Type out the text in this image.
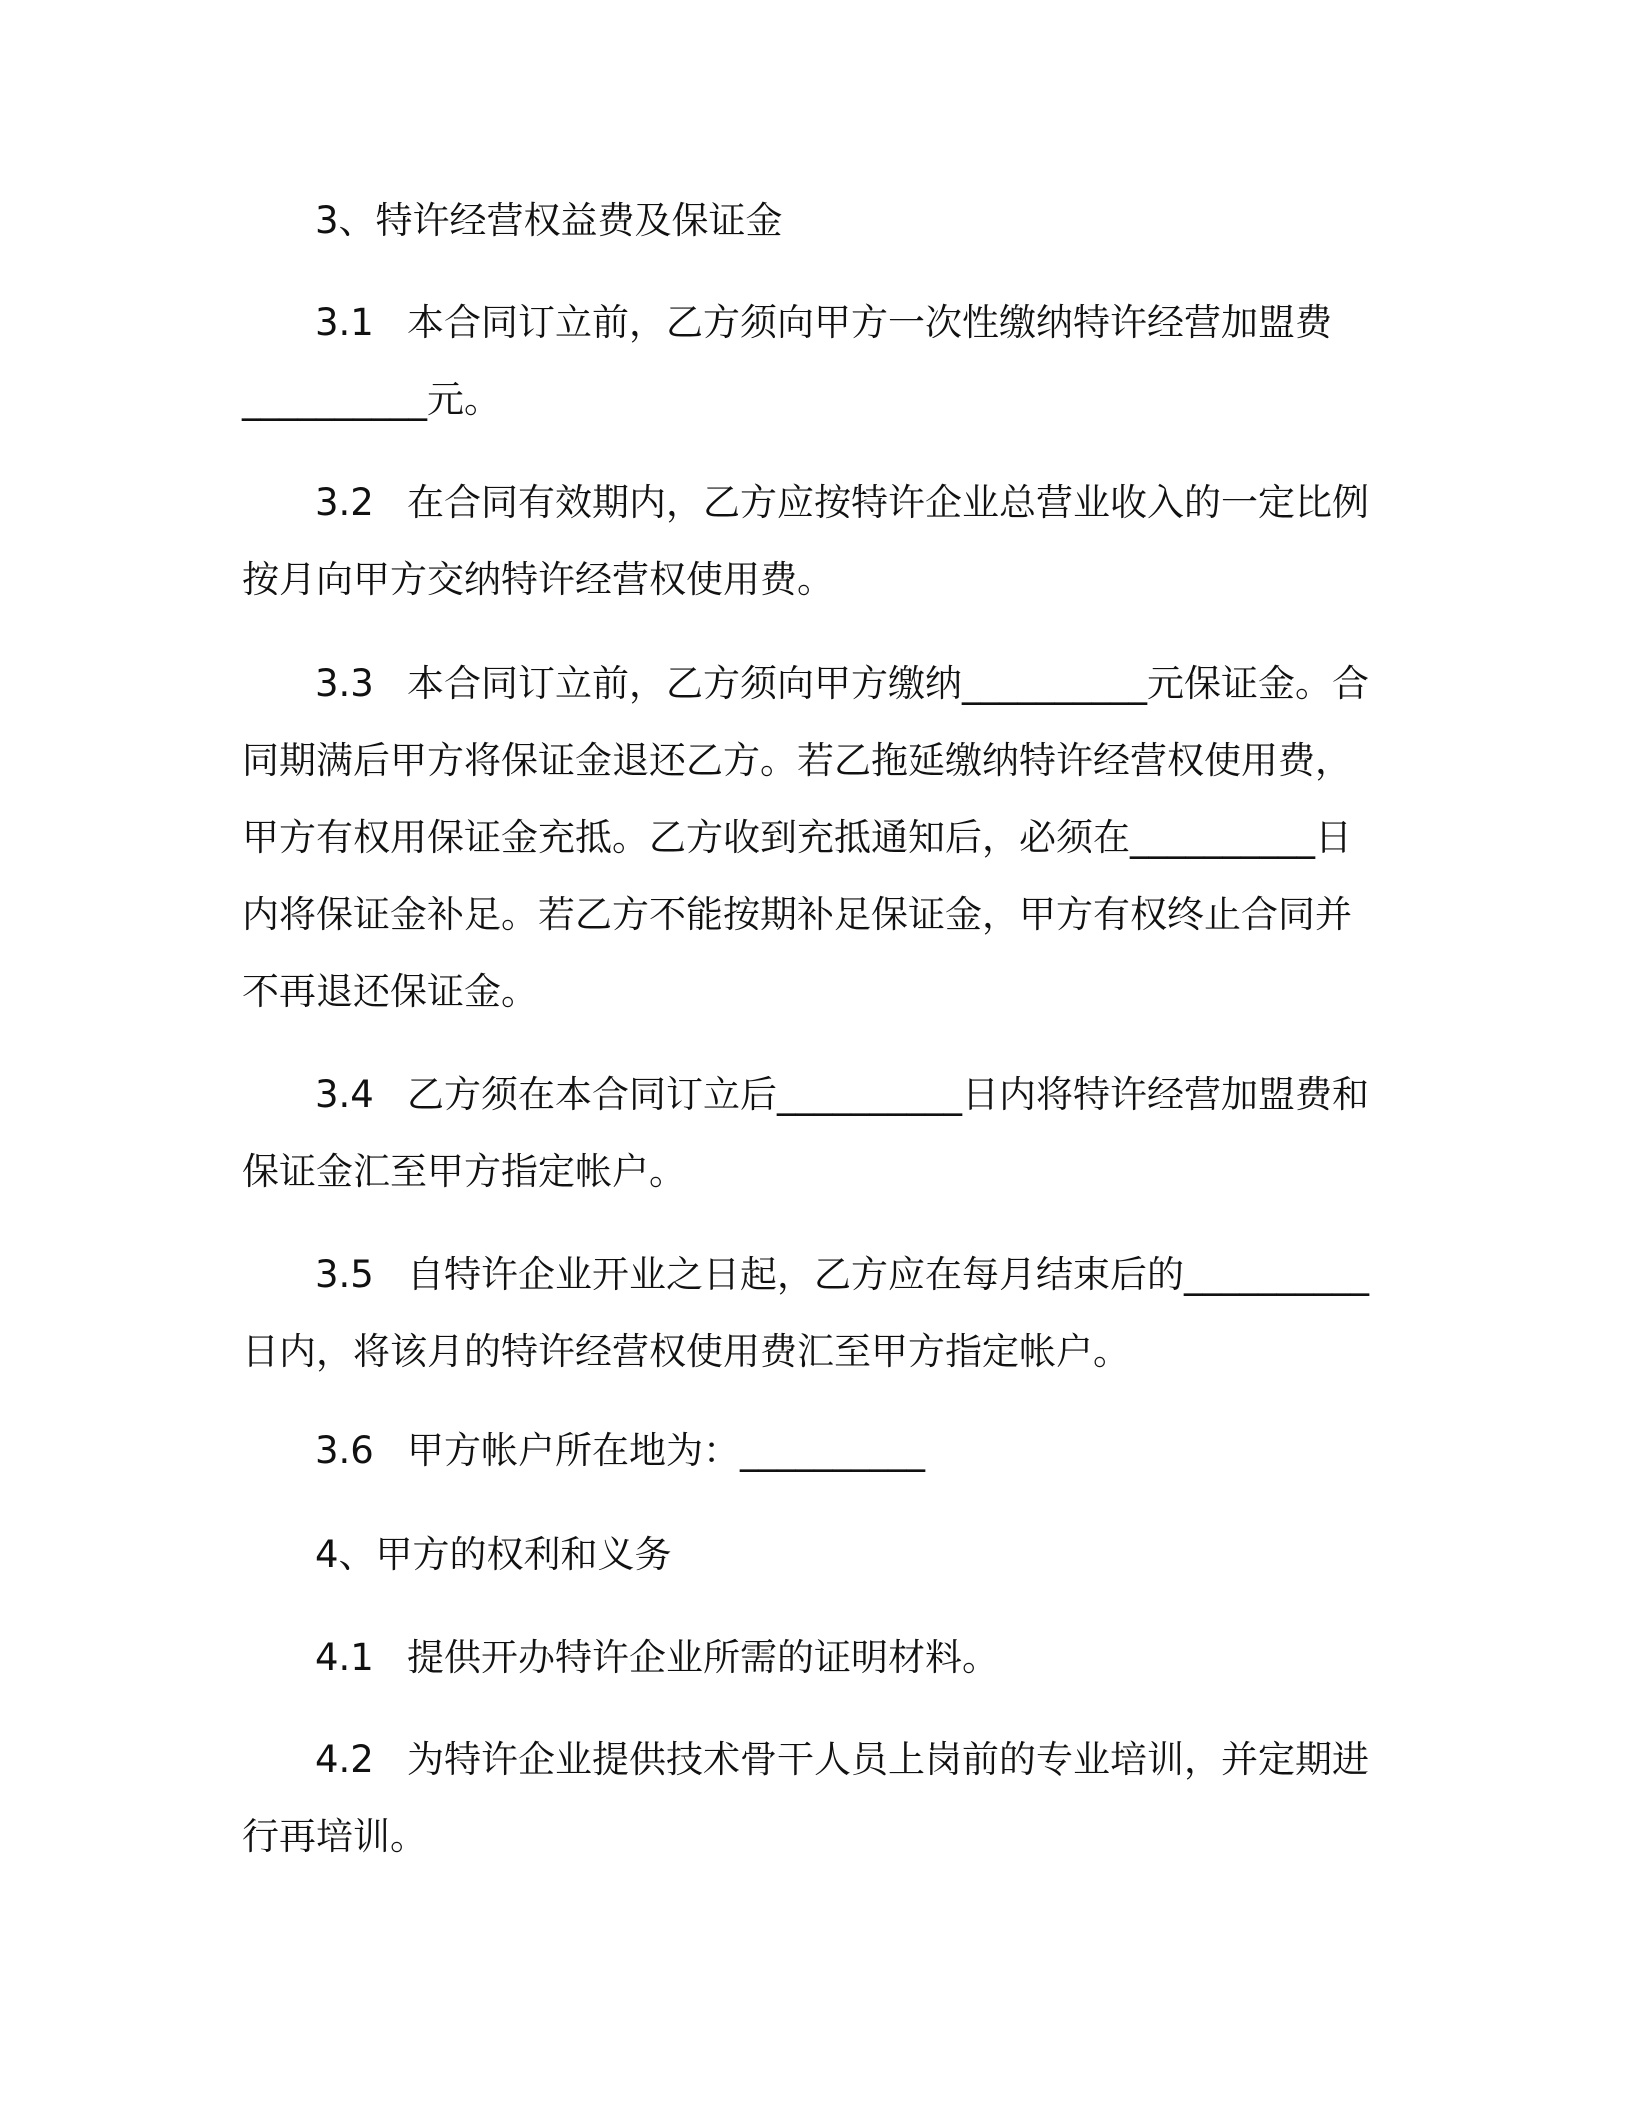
3、特许经营权益费及保证金

3.1 本合同订立前，乙方须向甲方一次性缴纳特许经营加盟费
__________元。

3.2 在合同有效期内，乙方应按特许企业总营业收入的一定比例
按月向甲方交纳特许经营权使用费。

3.3 本合同订立前，乙方须向甲方缴纳__________元保证金。合
同期满后甲方将保证金退还乙方。若乙拖延缴纳特许经营权使用费，
甲方有权用保证金充抵。乙方收到充抵通知后，必须在__________日
内将保证金补足。若乙方不能按期补足保证金，甲方有权终止合同并
不再退还保证金。

3.4 乙方须在本合同订立后__________日内将特许经营加盟费和
保证金汇至甲方指定帐户。

3.5 自特许企业开业之日起，乙方应在每月结束后的__________
日内，将该月的特许经营权使用费汇至甲方指定帐户。

3.6 甲方帐户所在地为：__________

4、甲方的权利和义务

4.1 提供开办特许企业所需的证明材料。

4.2 为特许企业提供技术骨干人员上岗前的专业培训，并定期进
行再培训。
